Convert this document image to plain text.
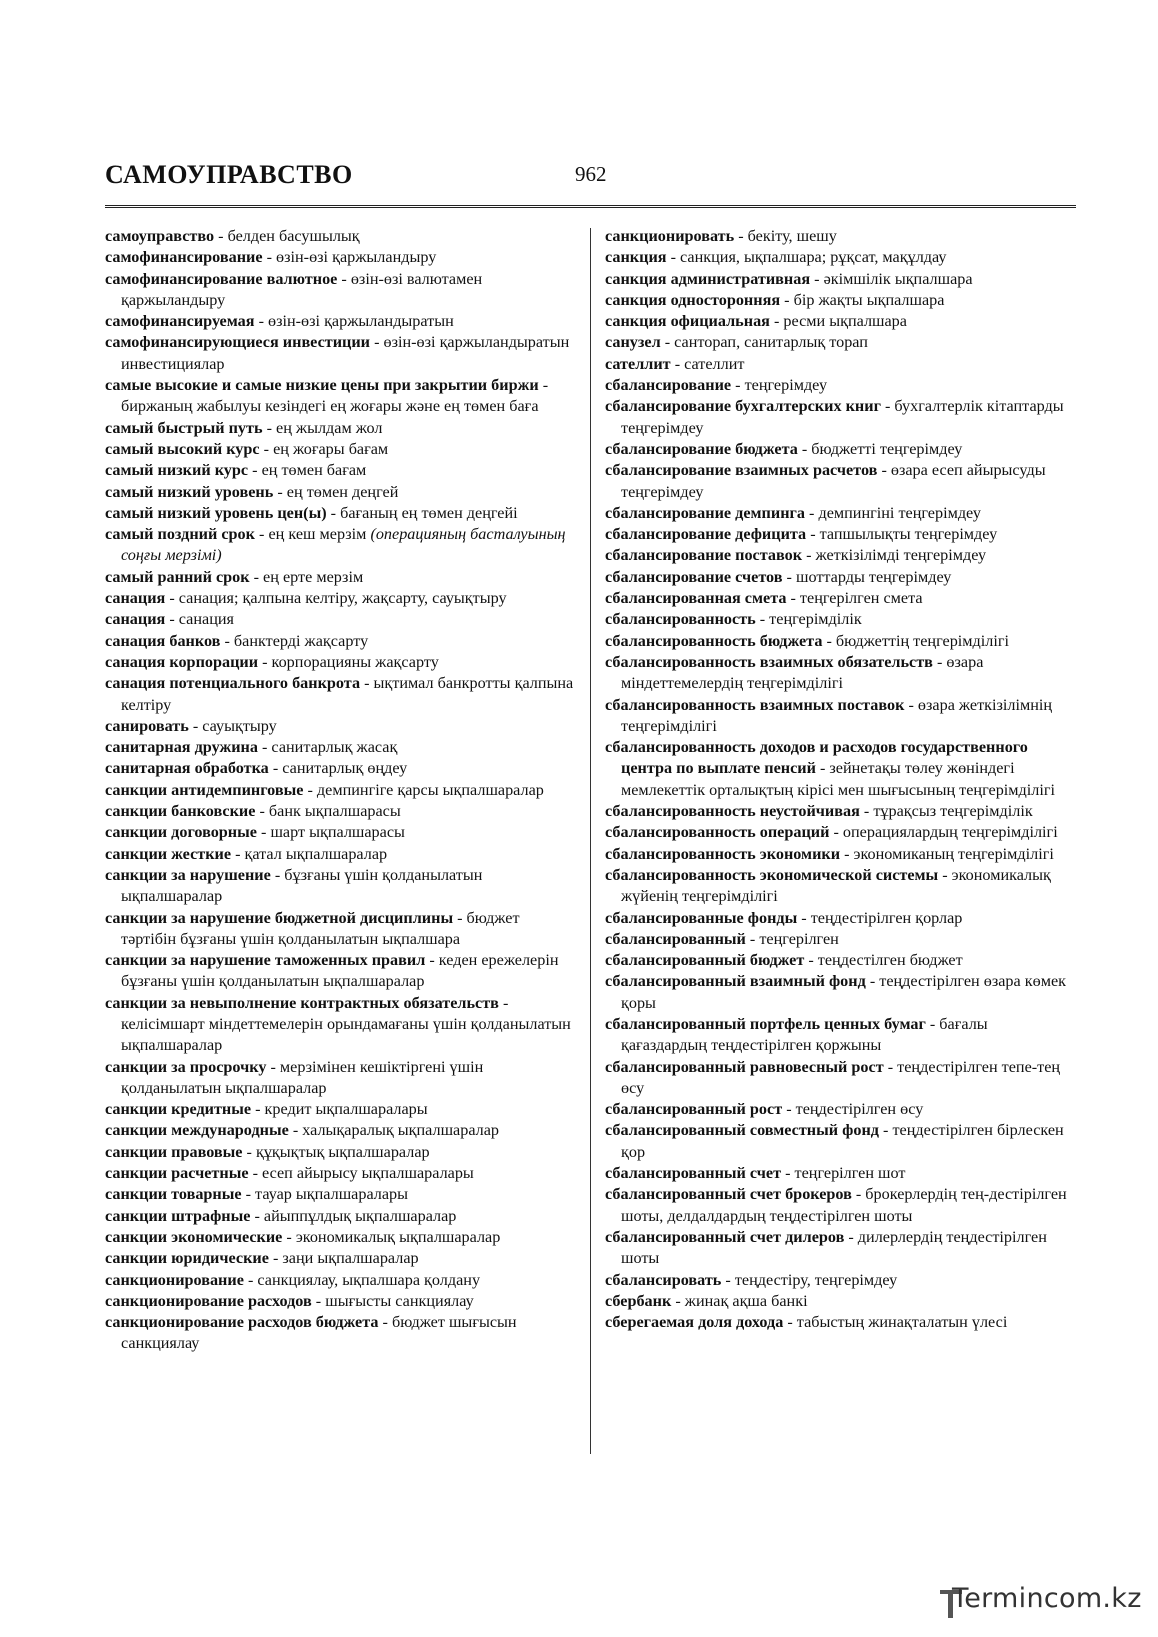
САМОУПРАВСТВО	962

самоуправство - белден басушылық

самофинансирование - өзін-өзі қаржыландыру

самофинансирование валютное - өзін-өзі валютамен қаржыландыру

самофинансируемая - өзін-өзі қаржыландыратын

самофинансирующиеся инвестиции - өзін-өзі қаржыландыратын инвестициялар

самые высокие и самые низкие цены при закрытии биржи - биржаның жабылуы кезіндегі ең жоғары және ең төмен баға

самый быстрый путь - ең жылдам жол

самый высокий курс - ең жоғары бағам

самый низкий курс - ең төмен бағам

самый низкий уровень - ең төмен деңгей

самый низкий уровень цен(ы) - бағаның ең төмен деңгейі

самый поздний срок - ең кеш мерзім (операцияның басталуының соңғы мерзімі)

самый ранний срок - ең ерте мерзім

санация - санация; қалпына келтіру, жақсарту, сауықтыру

санация - санация

санация банков - банктерді жақсарту

санация корпорации - корпорацияны жақсарту

санация потенциального банкрота - ықтимал банкротты қалпына келтіру

санировать - сауықтыру

санитарная дружина - санитарлық жасақ

санитарная обработка - санитарлық өңдеу

санкции антидемпинговые - демпингіге қарсы ықпалшаралар

санкции банковские - банк ықпалшарасы

санкции договорные - шарт ықпалшарасы

санкции жесткие - қатал ықпалшаралар

санкции за нарушение - бұзғаны үшін қолданылатын ықпалшаралар

санкции за нарушение бюджетной дисциплины - бюджет тәртібін бұзғаны үшін қолданылатын ықпалшара

санкции за нарушение таможенных правил - кеден ережелерін бұзғаны үшін қолданылатын ықпалшаралар

санкции за невыполнение контрактных обязательств - келісімшарт міндеттемелерін орындамағаны үшін қолданылатын ықпалшаралар

санкции за просрочку - мерзімінен кешіктіргені үшін қолданылатын ықпалшаралар

санкции кредитные - кредит ықпалшаралары

санкции международные - халықаралық ықпалшаралар

санкции правовые - құқықтық ықпалшаралар

санкции расчетные - есеп айырысу ықпалшаралары

санкции товарные - тауар ықпалшаралары

санкции штрафные - айыппұлдық ықпалшаралар

санкции экономические - экономикалық ықпалшаралар

санкции юридические - заңи ықпалшаралар

санкционирование - санкциялау, ықпалшара қолдану

санкционирование расходов - шығысты санкциялау

санкционирование расходов бюджета - бюджет шығысын санкциялау

санкционировать - бекіту, шешу

санкция - санкция, ықпалшара; рұқсат, мақұлдау

санкция административная - әкімшілік ықпалшара

санкция односторонняя - бір жақты ықпалшара

санкция официальная - ресми ықпалшара

санузел - санторап, санитарлық торап

сателлит - сателлит

сбалансирование - теңгерімдеу

сбалансирование бухгалтерских книг - бухгалтерлік кітаптарды теңгерімдеу

сбалансирование бюджета - бюджетті теңгерімдеу

сбалансирование взаимных расчетов - өзара есеп айырысуды теңгерімдеу

сбалансирование демпинга - демпингіні теңгерімдеу

сбалансирование дефицита - тапшылықты теңгерімдеу

сбалансирование поставок - жеткізілімді теңгерімдеу

сбалансирование счетов - шоттарды теңгерімдеу

сбалансированная смета - теңгерілген смета

сбалансированность - теңгерімділік

сбалансированность бюджета - бюджеттің теңгерімділігі

сбалансированность взаимных обязательств - өзара міндеттемелердің теңгерімділігі

сбалансированность взаимных поставок - өзара жеткізілімнің теңгерімділігі

сбалансированность доходов и расходов государственного центра по выплате пенсий - зейнетақы төлеу жөніндегі мемлекеттік орталықтың кірісі мен шығысының теңгерімділігі

сбалансированность неустойчивая - тұрақсыз теңгерімділік

сбалансированность операций - операциялардың теңгерімділігі

сбалансированность экономики - экономиканың теңгерімділігі

сбалансированность экономической системы - экономикалық жүйенің теңгерімділігі

сбалансированные фонды - теңдестірілген қорлар

сбалансированный - теңгерілген

сбалансированный бюджет - теңдестілген бюджет

сбалансированный взаимный фонд - теңдестірілген өзара көмек қоры

сбалансированный портфель ценных бумаг - бағалы қағаздардың теңдестірілген қоржыны

сбалансированный равновесный рост - теңдестірілген тепе-тең өсу

сбалансированный рост - теңдестірілген өсу

сбалансированный совместный фонд - теңдестірілген бірлескен қор

сбалансированный счет - теңгерілген шот

сбалансированный счет брокеров - брокерлердің тең-дестірілген шоты, делдалдардың теңдестірілген шоты

сбалансированный счет дилеров - дилерлердің теңдестірілген шоты

сбалансировать - теңдестіру, теңгерімдеу

сбербанк - жинақ ақша банкі

сберегаемая доля дохода - табыстың жинақталатын үлесі

Termincom.kz
